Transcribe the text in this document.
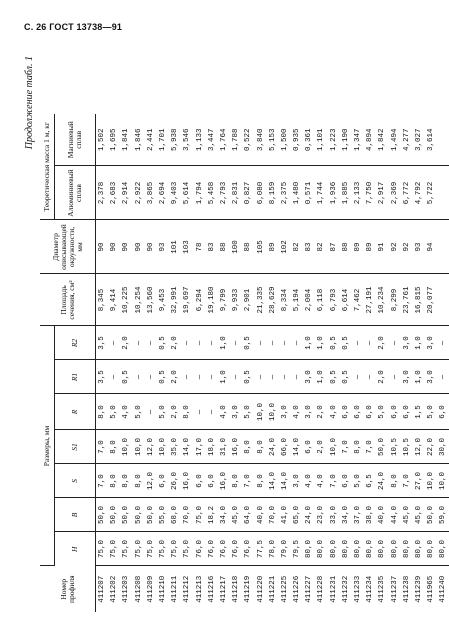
С. 26 ГОСТ 13738—91
Продолжение табл. 1
Номер профиля	Размеры, мм							Площадь сечения, см²	Диаметр описывающей окружности, мм	Теоретическая масса 1 м, кг	
	H	B	S	S1	R	R1	R2			Алюминиевый сплав	Магниевый сплав
411207	75,0	50,0	7,0	7,0	8,0	3,5	3,5	8,345	90	2,378	1,502
411202	75,0	50,0	8,0	8,0	5,0	—	—	9,414	90	2,683	1,695
411203	75,0	50,0	8,0	10,0	4,0	0,5	2,0	10,225	90	2,914	1,841
411208	75,0	50,0	8,0	10,0	5,0	—	—	10,254	90	2,922	1,846
411209	75,0	50,0	12,0	12,0	—	—	—	13,560	90	3,865	2,441
411210	75,0	55,0	6,0	10,0	5,0	0,5	0,5	9,453	93	2,694	1,701
411211	75,0	68,0	26,0	35,0	2,0	2,0	2,0	32,991	101	9,403	5,938
411212	75,0	70,0	16,0	14,0	8,0	—	—	19,697	103	5,614	3,546
411213	76,0	75,0	6,0	17,0	—	—	—	6,294	78	1,794	1,133
411216	76,0	18,2	6,0	18,0	—	—	—	19,180	83	5,458	3,447
411217	76,0	34,0	16,0	31,0	4,0	1,0	1,0	9,799	88	2,793	1,764
411218	76,0	45,0	8,0	16,0	3,0	—	—	9,933	100	2,831	1,788
411219	76,0	64,0	7,0	8,0	5,0	0,5	0,5	2,901	88	0,827	0,522
411220	77,5	40,0	8,0	8,0	10,0	—	—	21,335	105	6,080	3,840
411221	78,0	70,0	14,0	24,0	10,0	—	—	28,629	89	8,159	5,153
411225	79,0	41,0	14,0	66,0	3,0	—	—	8,334	102	2,375	1,500
411226	79,5	65,0	3,0	14,0	4,0	—	—	5,194	82	1,480	0,935
411227	80,0	24,0	4,0	6,0	3,0	3,0	1,0	2,004	83	0,571	0,361
411228	80,0	23,0	4,0	2,0	2,0	1,0	1,0	6,118	82	1,744	1,101
411231	80,0	33,0	7,0	10,0	4,0	0,5	0,5	6,793	87	1,936	1,223
411232	80,0	34,0	6,0	7,0	6,0	0,5	0,5	6,614	88	1,885	1,190
411233	80,0	37,0	5,0	8,0	6,0	—	—	7,462	89	2,133	1,347
411234	80,0	38,0	6,5	7,0	6,0	—	—	27,191	89	7,750	4,894
411235	80,0	40,0	24,0	50,0	5,0	2,0	2,0	10,234	91	2,917	1,842
411237	80,0	44,0	8,0	10,5	6,0	—	—	8,299	92	2,369	1,494
411238	80,0	45,0	7,0	10,5	6,0	3,0	3,0	23,761	92	6,772	4,277
411239	80,0	45,0	27,0	12,0	1,5	1,0	1,0	16,815	93	4,792	3,027
411965	80,0	50,0	10,0	22,0	5,0	3,0	3,0	20,077	94	5,722	3,614
411240	80,0	59,0	10,0	30,0	6,0	—	—				
